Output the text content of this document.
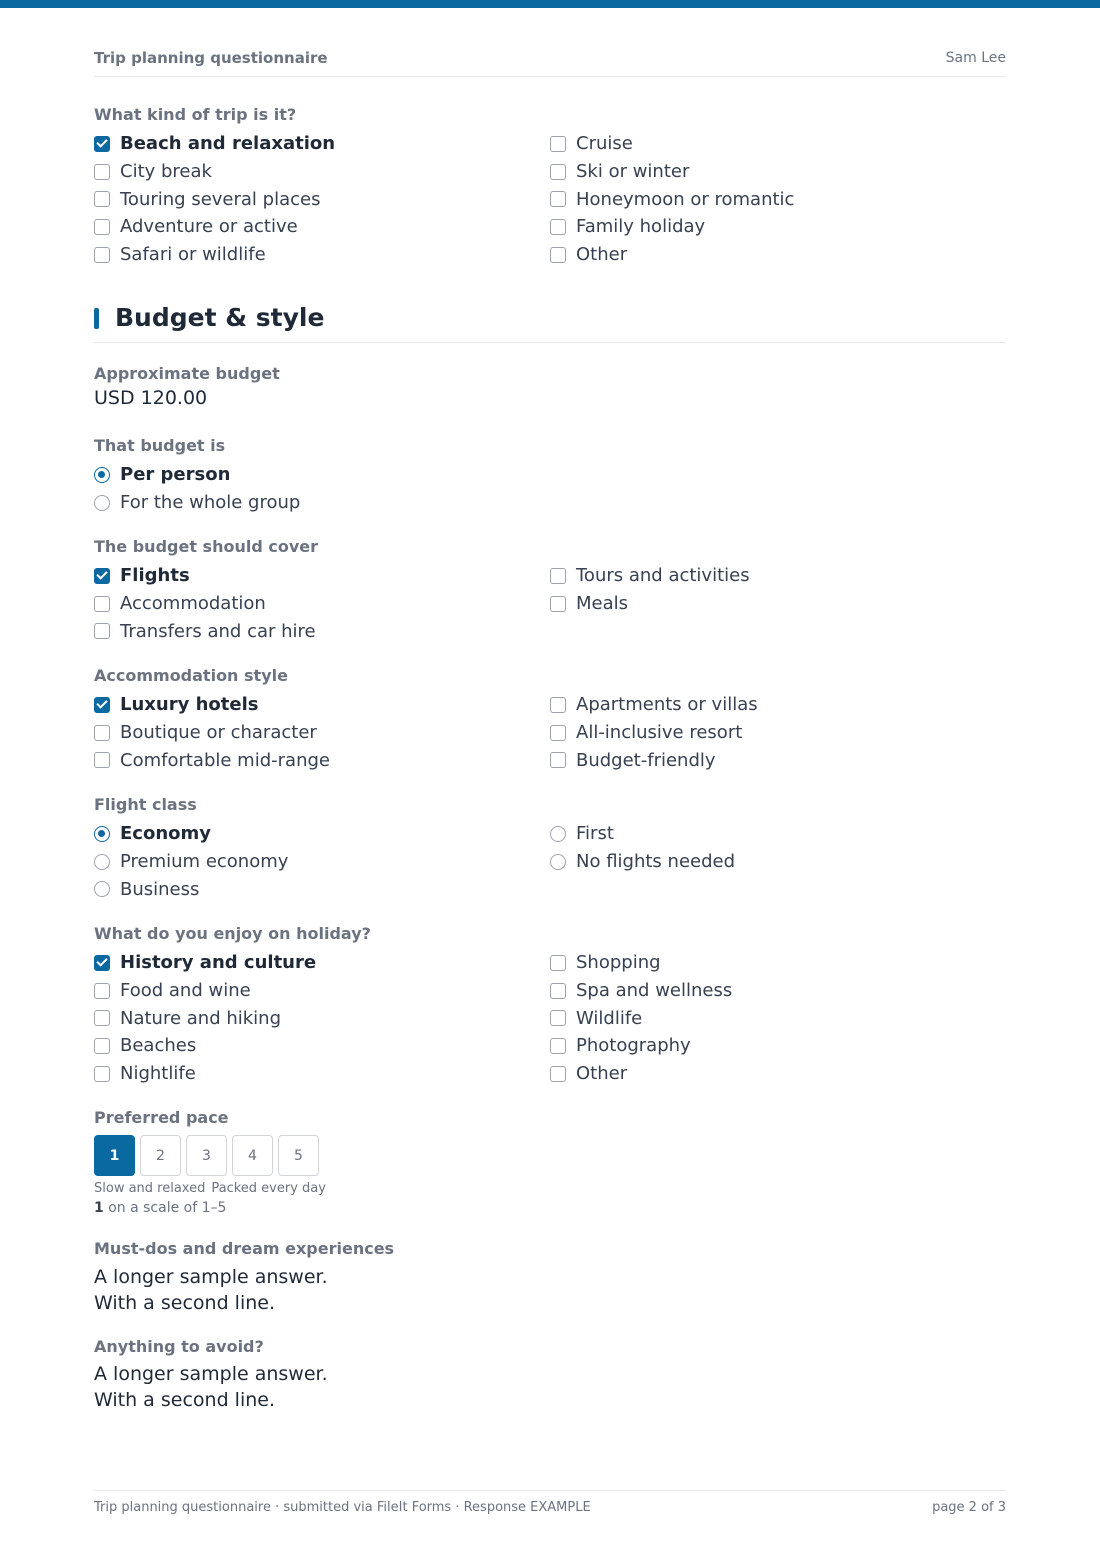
Trip planning questionnaire	Sam Lee
What kind of trip is it?
Beach and relaxation
City break
Touring several places
Adventure or active
Safari or wildlife
Cruise
Ski or winter
Honeymoon or romantic
Family holiday
Other
Budget & style
Approximate budget
USD 120.00
That budget is
Per person
For the whole group
The budget should cover
Flights
Accommodation
Transfers and car hire
Tours and activities
Meals
Accommodation style
Luxury hotels
Boutique or character
Comfortable mid-range
Apartments or villas
All-inclusive resort
Budget-friendly
Flight class
Economy
Premium economy
Business
First
No flights needed
What do you enjoy on holiday?
History and culture
Food and wine
Nature and hiking
Beaches
Nightlife
Shopping
Spa and wellness
Wildlife
Photography
Other
Preferred pace
1	2	3	4	5
Slow and relaxed Packed every day
1 on a scale of 1–5
Must-dos and dream experiences
A longer sample answer.
With a second line.
Anything to avoid?
A longer sample answer.
With a second line.
Trip planning questionnaire · submitted via FileIt Forms · Response EXAMPLE	page 2 of 3
